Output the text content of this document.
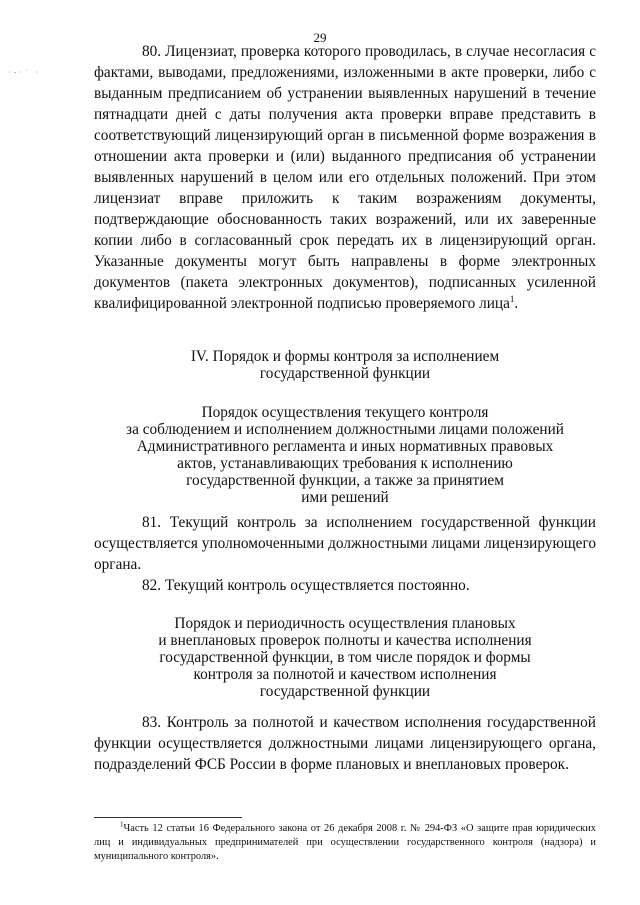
29
·-·˙ ·

80. Лицензиат, проверка которого проводилась, в случае несогласия с фактами, выводами, предложениями, изложенными в акте проверки, либо с выданным предписанием об устранении выявленных нарушений в течение пятнадцати дней с даты получения акта проверки вправе представить в соответствующий лицензирующий орган в письменной форме возражения в отношении акта проверки и (или) выданного предписания об устранении выявленных нарушений в целом или его отдельных положений. При этом лицензиат вправе приложить к таким возражениям документы, подтверждающие обоснованность таких возражений, или их заверенные копии либо в согласованный срок передать их в лицензирующий орган. Указанные документы могут быть направлены в форме электронных документов (пакета электронных документов), подписанных усиленной квалифицированной электронной подписью проверяемого лица$^1$.

IV. Порядок и формы контроля за исполнением
государственной функции
Порядок осуществления текущего контроля
за соблюдением и исполнением должностными лицами положений
Административного регламента и иных нормативных правовых
актов, устанавливающих требования к исполнению
государственной функции, а также за принятием
ими решений

81. Текущий контроль за исполнением государственной функции осуществляется уполномоченными должностными лицами лицензирующего органа.

82. Текущий контроль осуществляется постоянно.

Порядок и периодичность осуществления плановых
и внеплановых проверок полноты и качества исполнения
государственной функции, в том числе порядок и формы
контроля за полнотой и качеством исполнения
государственной функции

83. Контроль за полнотой и качеством исполнения государственной функции осуществляется должностными лицами лицензирующего органа, подразделений ФСБ России в форме плановых и внеплановых проверок.

$^1$Часть 12 статьи 16 Федерального закона от 26 декабря 2008 г. № 294-ФЗ «О защите прав юридических лиц и индивидуальных предпринимателей при осуществлении государственного контроля (надзора) и муниципального контроля».
